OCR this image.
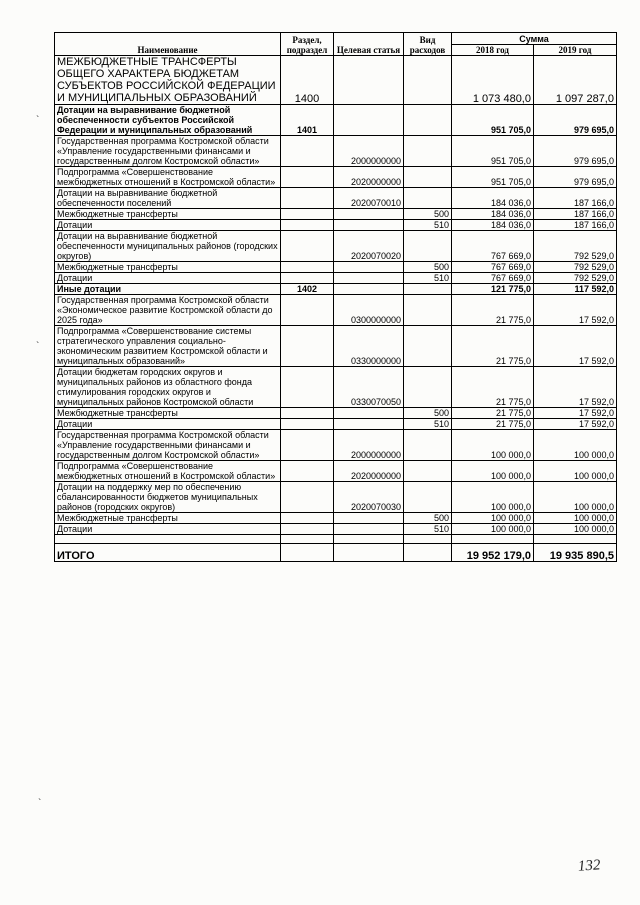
Наименование	Раздел, подраздел	Целевая статья	Вид расходов	Сумма	
				2018 год	2019 год
МЕЖБЮДЖЕТНЫЕ ТРАНСФЕРТЫ ОБЩЕГО ХАРАКТЕРА БЮДЖЕТАМ СУБЪЕКТОВ РОССИЙСКОЙ ФЕДЕРАЦИИ И МУНИЦИПАЛЬНЫХ ОБРАЗОВАНИЙ	1400			1 073 480,0	1 097 287,0
Дотации на выравнивание бюджетной обеспеченности субъектов Российской Федерации и муниципальных образований	1401			951 705,0	979 695,0
Государственная программа Костромской области «Управление государственными финансами и государственным долгом Костромской области»		2000000000		951 705,0	979 695,0
Подпрограмма «Совершенствование межбюджетных отношений в Костромской области»		2020000000		951 705,0	979 695,0
Дотации на выравнивание бюджетной обеспеченности поселений		2020070010		184 036,0	187 166,0
Межбюджетные трансферты			500	184 036,0	187 166,0
Дотации			510	184 036,0	187 166,0
Дотации на выравнивание бюджетной обеспеченности муниципальных районов (городских округов)		2020070020		767 669,0	792 529,0
Межбюджетные трансферты			500	767 669,0	792 529,0
Дотации			510	767 669,0	792 529,0
Иные дотации	1402			121 775,0	117 592,0
Государственная программа Костромской области «Экономическое развитие Костромской области до 2025 года»		0300000000		21 775,0	17 592,0
Подпрограмма «Совершенствование системы стратегического управления социально-экономическим развитием Костромской области и муниципальных образований»		0330000000		21 775,0	17 592,0
Дотации бюджетам городских округов и муниципальных районов из областного фонда стимулирования городских округов и муниципальных районов Костромской области		0330070050		21 775,0	17 592,0
Межбюджетные трансферты			500	21 775,0	17 592,0
Дотации			510	21 775,0	17 592,0
Государственная программа Костромской области «Управление государственными финансами и государственным долгом Костромской области»		2000000000		100 000,0	100 000,0
Подпрограмма «Совершенствование межбюджетных отношений в Костромской области»		2020000000		100 000,0	100 000,0
Дотации на поддержку мер по обеспечению сбалансированности бюджетов муниципальных районов (городских округов)		2020070030		100 000,0	100 000,0
Межбюджетные трансферты			500	100 000,0	100 000,0
Дотации			510	100 000,0	100 000,0

ИТОГО				19 952 179,0	19 935 890,5
`
`
`
132
